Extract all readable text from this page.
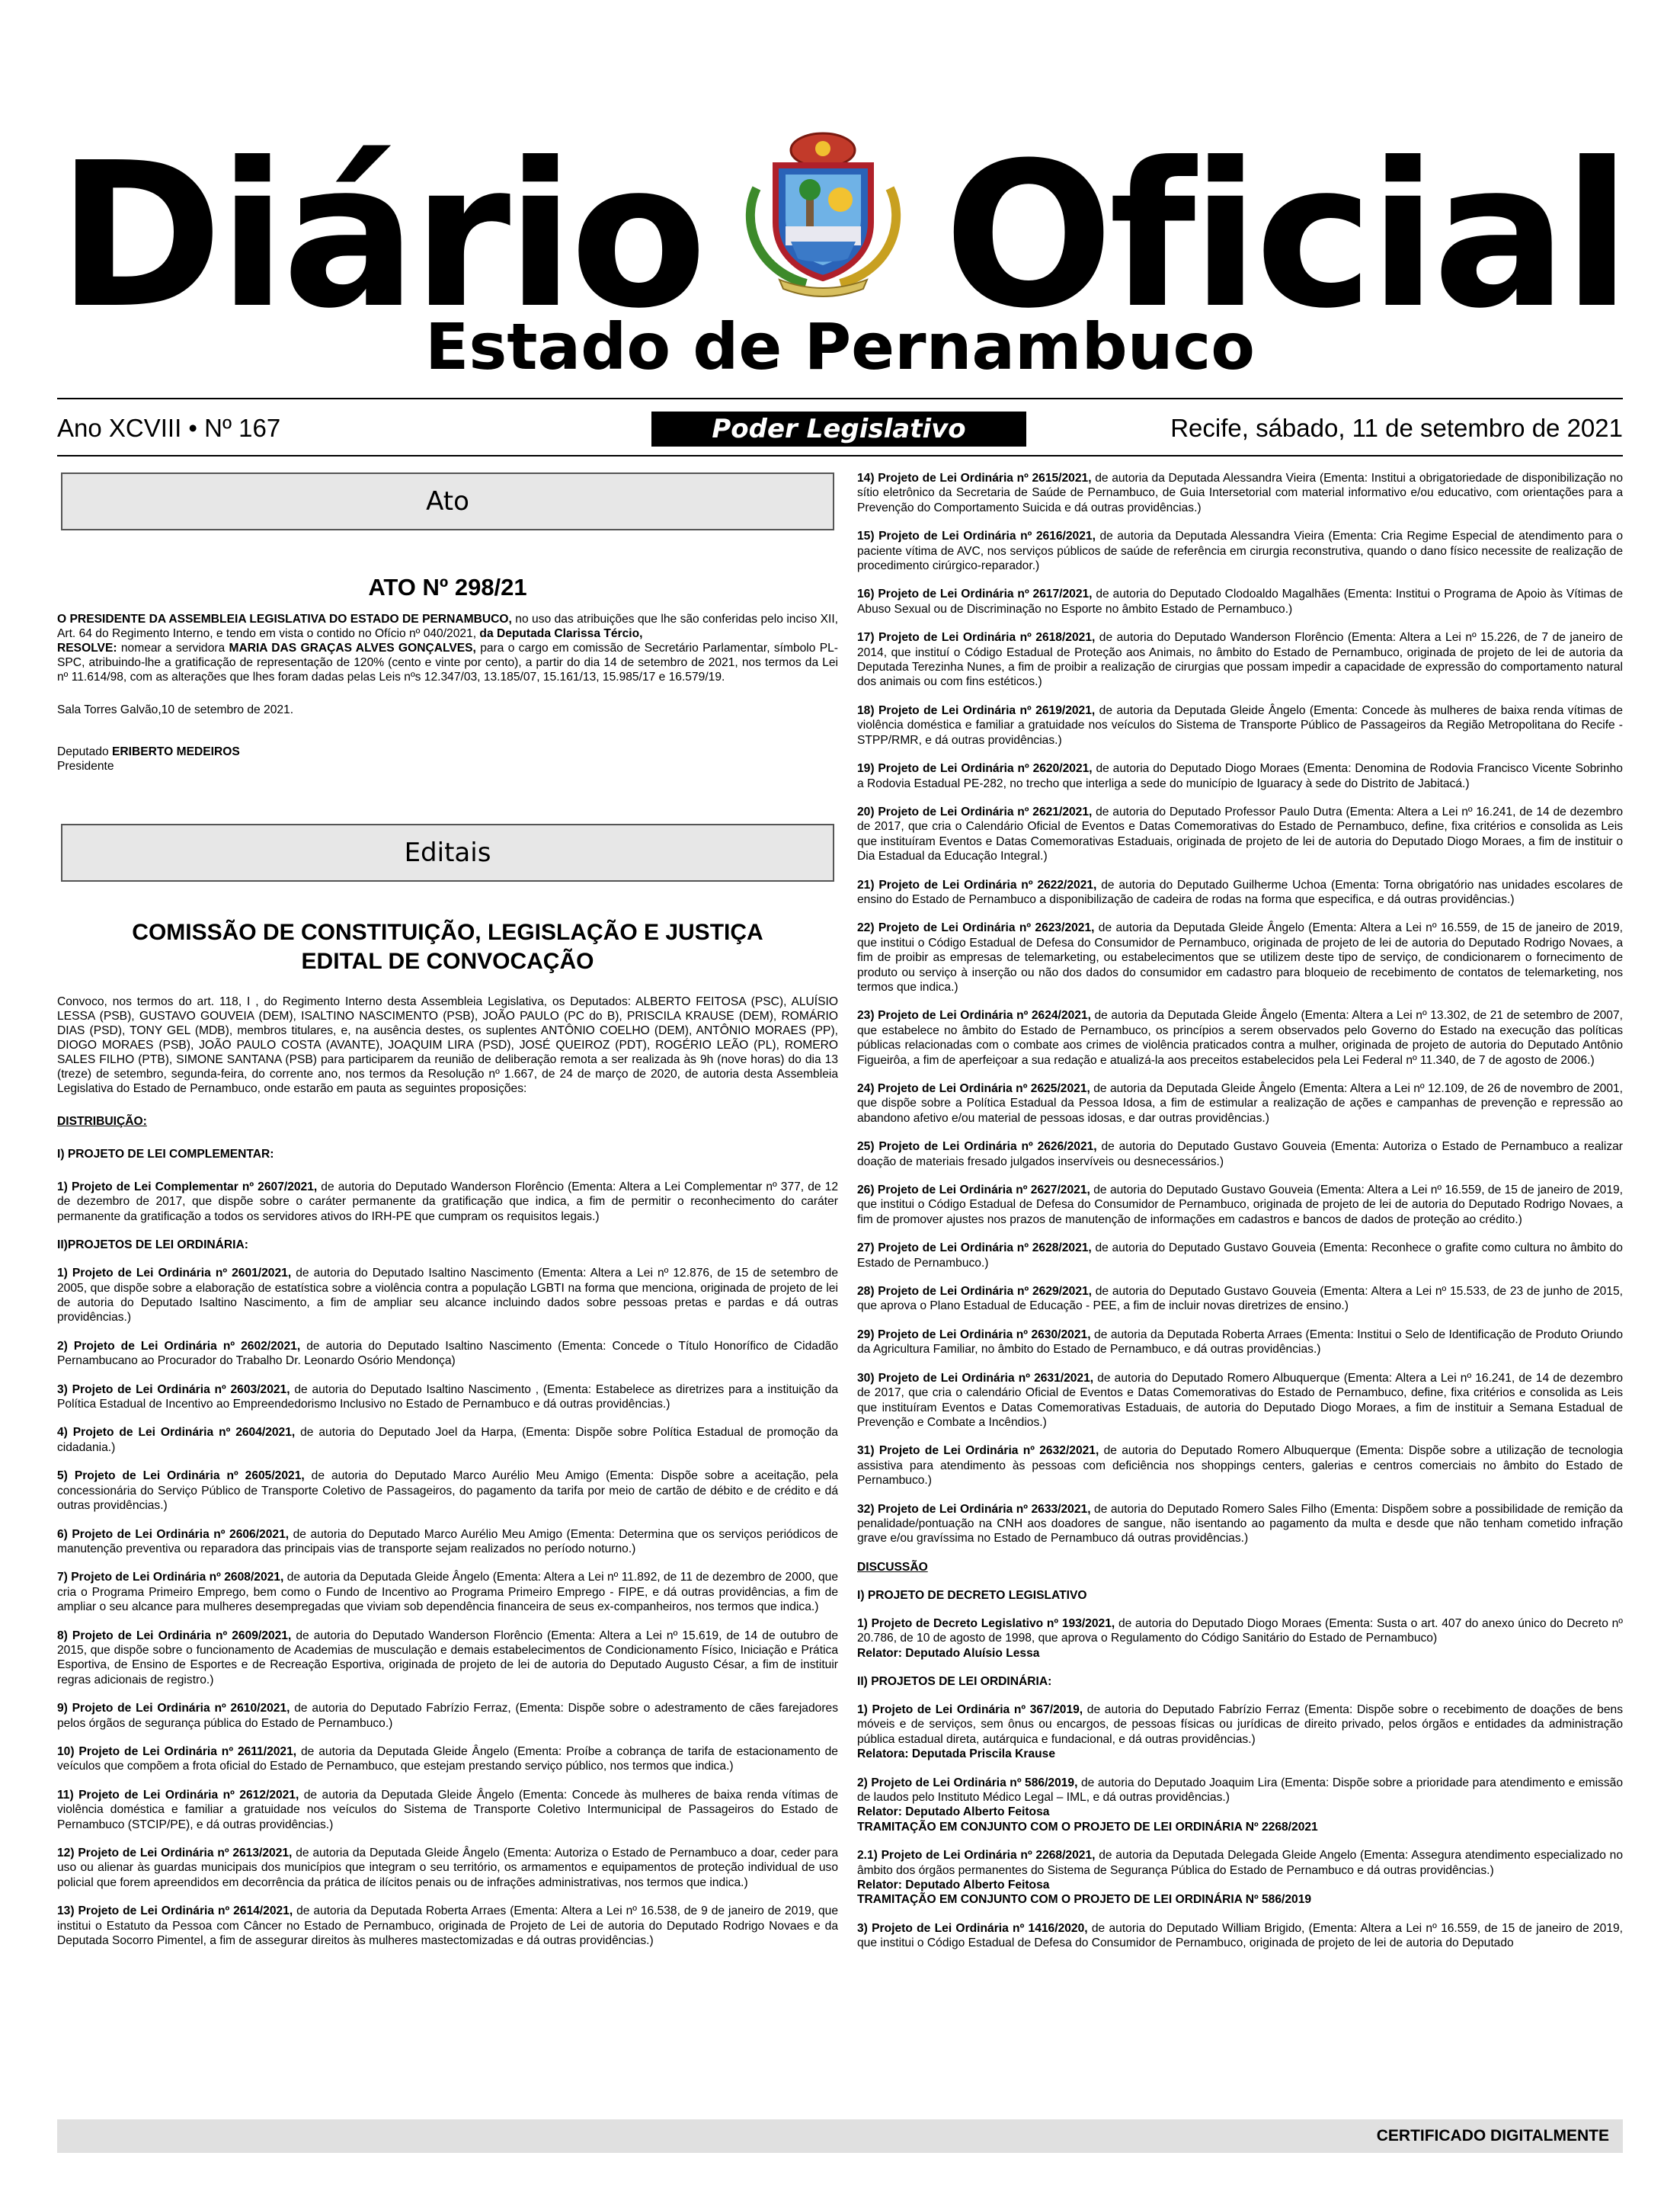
Diário Oficial
Estado de Pernambuco
Ano XCVIII • Nº 167	Poder Legislativo	Recife, sábado, 11 de setembro de 2021
Ato
ATO Nº 298/21

O PRESIDENTE DA ASSEMBLEIA LEGISLATIVA DO ESTADO DE PERNAMBUCO, no uso das atribuições que lhe são conferidas pelo inciso XII, Art. 64 do Regimento Interno, e tendo em vista o contido no Ofício nº 040/2021, da Deputada Clarissa Tércio,
RESOLVE: nomear a servidora MARIA DAS GRAÇAS ALVES GONÇALVES, para o cargo em comissão de Secretário Parlamentar, símbolo PL-SPC, atribuindo-lhe a gratificação de representação de 120% (cento e vinte por cento), a partir do dia 14 de setembro de 2021, nos termos da Lei nº 11.614/98, com as alterações que lhes foram dadas pelas Leis nºs 12.347/03, 13.185/07, 15.161/13, 15.985/17 e 16.579/19.

Sala Torres Galvão,10 de setembro de 2021.

Deputado ERIBERTO MEDEIROS

Presidente

Editais
COMISSÃO DE CONSTITUIÇÃO, LEGISLAÇÃO E JUSTIÇA
EDITAL DE CONVOCAÇÃO

Convoco, nos termos do art. 118, I , do Regimento Interno desta Assembleia Legislativa, os Deputados: ALBERTO FEITOSA (PSC), ALUÍSIO LESSA (PSB), GUSTAVO GOUVEIA (DEM), ISALTINO NASCIMENTO (PSB), JOÃO PAULO (PC do B), PRISCILA KRAUSE (DEM), ROMÁRIO DIAS (PSD), TONY GEL (MDB), membros titulares, e, na ausência destes, os suplentes ANTÔNIO COELHO (DEM), ANTÔNIO MORAES (PP), DIOGO MORAES (PSB), JOÃO PAULO COSTA (AVANTE), JOAQUIM LIRA (PSD), JOSÉ QUEIROZ (PDT), ROGÉRIO LEÃO (PL), ROMERO SALES FILHO (PTB), SIMONE SANTANA (PSB) para participarem da reunião de deliberação remota a ser realizada às 9h (nove horas) do dia 13 (treze) de setembro, segunda-feira, do corrente ano, nos termos da Resolução nº 1.667, de 24 de março de 2020, de autoria desta Assembleia Legislativa do Estado de Pernambuco, onde estarão em pauta as seguintes proposições:

DISTRIBUIÇÃO:

I) PROJETO DE LEI COMPLEMENTAR:

1) Projeto de Lei Complementar nº 2607/2021, de autoria do Deputado Wanderson Florêncio (Ementa: Altera a Lei Complementar nº 377, de 12 de dezembro de 2017, que dispõe sobre o caráter permanente da gratificação que indica, a fim de permitir o reconhecimento do caráter permanente da gratificação a todos os servidores ativos do IRH-PE que cumpram os requisitos legais.)

II)PROJETOS DE LEI ORDINÁRIA:

1) Projeto de Lei Ordinária nº 2601/2021, de autoria do Deputado Isaltino Nascimento (Ementa: Altera a Lei nº 12.876, de 15 de setembro de 2005, que dispõe sobre a elaboração de estatística sobre a violência contra a população LGBTI na forma que menciona, originada de projeto de lei de autoria do Deputado Isaltino Nascimento, a fim de ampliar seu alcance incluindo dados sobre pessoas pretas e pardas e dá outras providências.)

2) Projeto de Lei Ordinária nº 2602/2021, de autoria do Deputado Isaltino Nascimento (Ementa: Concede o Título Honorífico de Cidadão Pernambucano ao Procurador do Trabalho Dr. Leonardo Osório Mendonça)

3) Projeto de Lei Ordinária nº 2603/2021, de autoria do Deputado Isaltino Nascimento , (Ementa: Estabelece as diretrizes para a instituição da Política Estadual de Incentivo ao Empreendedorismo Inclusivo no Estado de Pernambuco e dá outras providências.)

4) Projeto de Lei Ordinária nº 2604/2021, de autoria do Deputado Joel da Harpa, (Ementa: Dispõe sobre Política Estadual de promoção da cidadania.)

5) Projeto de Lei Ordinária nº 2605/2021, de autoria do Deputado Marco Aurélio Meu Amigo (Ementa: Dispõe sobre a aceitação, pela concessionária do Serviço Público de Transporte Coletivo de Passageiros, do pagamento da tarifa por meio de cartão de débito e de crédito e dá outras providências.)

6) Projeto de Lei Ordinária nº 2606/2021, de autoria do Deputado Marco Aurélio Meu Amigo (Ementa: Determina que os serviços periódicos de manutenção preventiva ou reparadora das principais vias de transporte sejam realizados no período noturno.)

7) Projeto de Lei Ordinária nº 2608/2021, de autoria da Deputada Gleide Ângelo (Ementa: Altera a Lei nº 11.892, de 11 de dezembro de 2000, que cria o Programa Primeiro Emprego, bem como o Fundo de Incentivo ao Programa Primeiro Emprego - FIPE, e dá outras providências, a fim de ampliar o seu alcance para mulheres desempregadas que viviam sob dependência financeira de seus ex-companheiros, nos termos que indica.)

8) Projeto de Lei Ordinária nº 2609/2021, de autoria do Deputado Wanderson Florêncio (Ementa: Altera a Lei nº 15.619, de 14 de outubro de 2015, que dispõe sobre o funcionamento de Academias de musculação e demais estabelecimentos de Condicionamento Físico, Iniciação e Prática Esportiva, de Ensino de Esportes e de Recreação Esportiva, originada de projeto de lei de autoria do Deputado Augusto César, a fim de instituir regras adicionais de registro.)

9) Projeto de Lei Ordinária nº 2610/2021, de autoria do Deputado Fabrízio Ferraz, (Ementa: Dispõe sobre o adestramento de cães farejadores pelos órgãos de segurança pública do Estado de Pernambuco.)

10) Projeto de Lei Ordinária nº 2611/2021, de autoria da Deputada Gleide Ângelo (Ementa: Proíbe a cobrança de tarifa de estacionamento de veículos que compõem a frota oficial do Estado de Pernambuco, que estejam prestando serviço público, nos termos que indica.)

11) Projeto de Lei Ordinária nº 2612/2021, de autoria da Deputada Gleide Ângelo (Ementa: Concede às mulheres de baixa renda vítimas de violência doméstica e familiar a gratuidade nos veículos do Sistema de Transporte Coletivo Intermunicipal de Passageiros do Estado de Pernambuco (STCIP/PE), e dá outras providências.)

12) Projeto de Lei Ordinária nº 2613/2021, de autoria da Deputada Gleide Ângelo (Ementa: Autoriza o Estado de Pernambuco a doar, ceder para uso ou alienar às guardas municipais dos municípios que integram o seu território, os armamentos e equipamentos de proteção individual de uso policial que forem apreendidos em decorrência da prática de ilícitos penais ou de infrações administrativas, nos termos que indica.)

13) Projeto de Lei Ordinária nº 2614/2021, de autoria da Deputada Roberta Arraes (Ementa: Altera a Lei nº 16.538, de 9 de janeiro de 2019, que institui o Estatuto da Pessoa com Câncer no Estado de Pernambuco, originada de Projeto de Lei de autoria do Deputado Rodrigo Novaes e da Deputada Socorro Pimentel, a fim de assegurar direitos às mulheres mastectomizadas e dá outras providências.)

14) Projeto de Lei Ordinária nº 2615/2021, de autoria da Deputada Alessandra Vieira (Ementa: Institui a obrigatoriedade de disponibilização no sítio eletrônico da Secretaria de Saúde de Pernambuco, de Guia Intersetorial com material informativo e/ou educativo, com orientações para a Prevenção do Comportamento Suicida e dá outras providências.)

15) Projeto de Lei Ordinária nº 2616/2021, de autoria da Deputada Alessandra Vieira (Ementa: Cria Regime Especial de atendimento para o paciente vítima de AVC, nos serviços públicos de saúde de referência em cirurgia reconstrutiva, quando o dano físico necessite de realização de procedimento cirúrgico-reparador.)

16) Projeto de Lei Ordinária nº 2617/2021, de autoria do Deputado Clodoaldo Magalhães (Ementa: Institui o Programa de Apoio às Vítimas de Abuso Sexual ou de Discriminação no Esporte no âmbito Estado de Pernambuco.)

17) Projeto de Lei Ordinária nº 2618/2021, de autoria do Deputado Wanderson Florêncio (Ementa: Altera a Lei nº 15.226, de 7 de janeiro de 2014, que instituí o Código Estadual de Proteção aos Animais, no âmbito do Estado de Pernambuco, originada de projeto de lei de autoria da Deputada Terezinha Nunes, a fim de proibir a realização de cirurgias que possam impedir a capacidade de expressão do comportamento natural dos animais ou com fins estéticos.)

18) Projeto de Lei Ordinária nº 2619/2021, de autoria da Deputada Gleide Ângelo (Ementa: Concede às mulheres de baixa renda vítimas de violência doméstica e familiar a gratuidade nos veículos do Sistema de Transporte Público de Passageiros da Região Metropolitana do Recife - STPP/RMR, e dá outras providências.)

19) Projeto de Lei Ordinária nº 2620/2021, de autoria do Deputado Diogo Moraes (Ementa: Denomina de Rodovia Francisco Vicente Sobrinho a Rodovia Estadual PE-282, no trecho que interliga a sede do município de Iguaracy à sede do Distrito de Jabitacá.)

20) Projeto de Lei Ordinária nº 2621/2021, de autoria do Deputado Professor Paulo Dutra (Ementa: Altera a Lei nº 16.241, de 14 de dezembro de 2017, que cria o Calendário Oficial de Eventos e Datas Comemorativas do Estado de Pernambuco, define, fixa critérios e consolida as Leis que instituíram Eventos e Datas Comemorativas Estaduais, originada de projeto de lei de autoria do Deputado Diogo Moraes, a fim de instituir o Dia Estadual da Educação Integral.)

21) Projeto de Lei Ordinária nº 2622/2021, de autoria do Deputado Guilherme Uchoa (Ementa: Torna obrigatório nas unidades escolares de ensino do Estado de Pernambuco a disponibilização de cadeira de rodas na forma que especifica, e dá outras providências.)

22) Projeto de Lei Ordinária nº 2623/2021, de autoria da Deputada Gleide Ângelo (Ementa: Altera a Lei nº 16.559, de 15 de janeiro de 2019, que institui o Código Estadual de Defesa do Consumidor de Pernambuco, originada de projeto de lei de autoria do Deputado Rodrigo Novaes, a fim de proibir as empresas de telemarketing, ou estabelecimentos que se utilizem deste tipo de serviço, de condicionarem o fornecimento de produto ou serviço à inserção ou não dos dados do consumidor em cadastro para bloqueio de recebimento de contatos de telemarketing, nos termos que indica.)

23) Projeto de Lei Ordinária nº 2624/2021, de autoria da Deputada Gleide Ângelo (Ementa: Altera a Lei nº 13.302, de 21 de setembro de 2007, que estabelece no âmbito do Estado de Pernambuco, os princípios a serem observados pelo Governo do Estado na execução das políticas públicas relacionadas com o combate aos crimes de violência praticados contra a mulher, originada de projeto de autoria do Deputado Antônio Figueirôa, a fim de aperfeiçoar a sua redação e atualizá-la aos preceitos estabelecidos pela Lei Federal nº 11.340, de 7 de agosto de 2006.)

24) Projeto de Lei Ordinária nº 2625/2021, de autoria da Deputada Gleide Ângelo (Ementa: Altera a Lei nº 12.109, de 26 de novembro de 2001, que dispõe sobre a Política Estadual da Pessoa Idosa, a fim de estimular a realização de ações e campanhas de prevenção e repressão ao abandono afetivo e/ou material de pessoas idosas, e dar outras providências.)

25) Projeto de Lei Ordinária nº 2626/2021, de autoria do Deputado Gustavo Gouveia (Ementa: Autoriza o Estado de Pernambuco a realizar doação de materiais fresado julgados inservíveis ou desnecessários.)

26) Projeto de Lei Ordinária nº 2627/2021, de autoria do Deputado Gustavo Gouveia (Ementa: Altera a Lei nº 16.559, de 15 de janeiro de 2019, que institui o Código Estadual de Defesa do Consumidor de Pernambuco, originada de projeto de lei de autoria do Deputado Rodrigo Novaes, a fim de promover ajustes nos prazos de manutenção de informações em cadastros e bancos de dados de proteção ao crédito.)

27) Projeto de Lei Ordinária nº 2628/2021, de autoria do Deputado Gustavo Gouveia (Ementa: Reconhece o grafite como cultura no âmbito do Estado de Pernambuco.)

28) Projeto de Lei Ordinária nº 2629/2021, de autoria do Deputado Gustavo Gouveia (Ementa: Altera a Lei nº 15.533, de 23 de junho de 2015, que aprova o Plano Estadual de Educação - PEE, a fim de incluir novas diretrizes de ensino.)

29) Projeto de Lei Ordinária nº 2630/2021, de autoria da Deputada Roberta Arraes (Ementa: Institui o Selo de Identificação de Produto Oriundo da Agricultura Familiar, no âmbito do Estado de Pernambuco, e dá outras providências.)

30) Projeto de Lei Ordinária nº 2631/2021, de autoria do Deputado Romero Albuquerque (Ementa: Altera a Lei nº 16.241, de 14 de dezembro de 2017, que cria o calendário Oficial de Eventos e Datas Comemorativas do Estado de Pernambuco, define, fixa critérios e consolida as Leis que instituíram Eventos e Datas Comemorativas Estaduais, de autoria do Deputado Diogo Moraes, a fim de instituir a Semana Estadual de Prevenção e Combate a Incêndios.)

31) Projeto de Lei Ordinária nº 2632/2021, de autoria do Deputado Romero Albuquerque (Ementa: Dispõe sobre a utilização de tecnologia assistiva para atendimento às pessoas com deficiência nos shoppings centers, galerias e centros comerciais no âmbito do Estado de Pernambuco.)

32) Projeto de Lei Ordinária nº 2633/2021, de autoria do Deputado Romero Sales Filho (Ementa: Dispõem sobre a possibilidade de remição da penalidade/pontuação na CNH aos doadores de sangue, não isentando ao pagamento da multa e desde que não tenham cometido infração grave e/ou gravíssima no Estado de Pernambuco dá outras providências.)

DISCUSSÃO

I) PROJETO DE DECRETO LEGISLATIVO

1) Projeto de Decreto Legislativo nº 193/2021, de autoria do Deputado Diogo Moraes (Ementa: Susta o art. 407 do anexo único do Decreto nº 20.786, de 10 de agosto de 1998, que aprova o Regulamento do Código Sanitário do Estado de Pernambuco)
Relator: Deputado Aluísio Lessa

II) PROJETOS DE LEI ORDINÁRIA:

1) Projeto de Lei Ordinária nº 367/2019, de autoria do Deputado Fabrízio Ferraz (Ementa: Dispõe sobre o recebimento de doações de bens móveis e de serviços, sem ônus ou encargos, de pessoas físicas ou jurídicas de direito privado, pelos órgãos e entidades da administração pública estadual direta, autárquica e fundacional, e dá outras providências.)
Relatora: Deputada Priscila Krause

2) Projeto de Lei Ordinária nº 586/2019, de autoria do Deputado Joaquim Lira (Ementa: Dispõe sobre a prioridade para atendimento e emissão de laudos pelo Instituto Médico Legal – IML, e dá outras providências.)
Relator: Deputado Alberto Feitosa
TRAMITAÇÃO EM CONJUNTO COM O PROJETO DE LEI ORDINÁRIA Nº 2268/2021

2.1) Projeto de Lei Ordinária nº 2268/2021, de autoria da Deputada Delegada Gleide Angelo (Ementa: Assegura atendimento especializado no âmbito dos órgãos permanentes do Sistema de Segurança Pública do Estado de Pernambuco e dá outras providências.)
Relator: Deputado Alberto Feitosa
TRAMITAÇÃO EM CONJUNTO COM O PROJETO DE LEI ORDINÁRIA Nº 586/2019

3) Projeto de Lei Ordinária nº 1416/2020, de autoria do Deputado William Brigido, (Ementa: Altera a Lei nº 16.559, de 15 de janeiro de 2019, que institui o Código Estadual de Defesa do Consumidor de Pernambuco, originada de projeto de lei de autoria do Deputado

CERTIFICADO DIGITALMENTE
